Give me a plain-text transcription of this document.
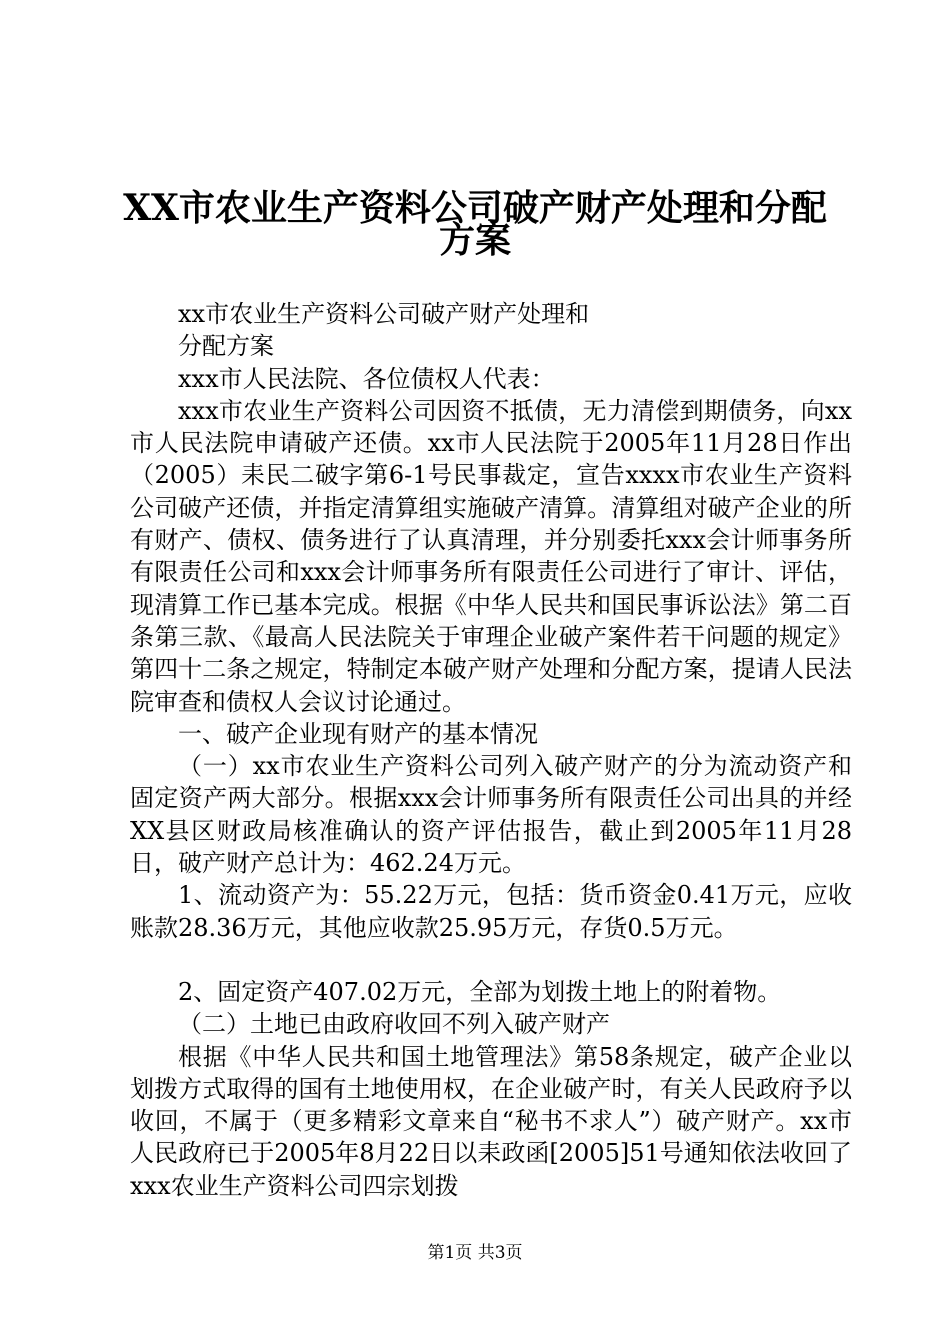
XX市农业生产资料公司破产财产处理和分配
方案

xx市农业生产资料公司破产财产处理和

分配方案

xxx市人民法院、各位债权人代表：

xxx市农业生产资料公司因资不抵债，无力清偿到期债务，向xx市人民法院申请破产还债。xx市人民法院于2005年11月28日作出（2005）耒民二破字第6-1号民事裁定，宣告xxxx市农业生产资料公司破产还债，并指定清算组实施破产清算。清算组对破产企业的所有财产、债权、债务进行了认真清理，并分别委托xxx会计师事务所有限责任公司和xxx会计师事务所有限责任公司进行了审计、评估，现清算工作已基本完成。根据《中华人民共和国民事诉讼法》第二百条第三款、《最高人民法院关于审理企业破产案件若干问题的规定》第四十二条之规定，特制定本破产财产处理和分配方案，提请人民法院审查和债权人会议讨论通过。

一、破产企业现有财产的基本情况

（一）xx市农业生产资料公司列入破产财产的分为流动资产和固定资产两大部分。根据xxx会计师事务所有限责任公司出具的并经XX县区财政局核准确认的资产评估报告，截止到2005年11月28日，破产财产总计为：462.24万元。

1、流动资产为：55.22万元，包括：货币资金0.41万元，应收账款28.36万元，其他应收款25.95万元，存货0.5万元。

2、固定资产407.02万元，全部为划拨土地上的附着物。

（二）土地已由政府收回不列入破产财产

根据《中华人民共和国土地管理法》第58条规定，破产企业以划拨方式取得的国有土地使用权，在企业破产时，有关人民政府予以收回，不属于（更多精彩文章来自“秘书不求人”）破产财产。xx市人民政府已于2005年8月22日以耒政函[2005]51号通知依法收回了xxx农业生产资料公司四宗划拨

第1页 共3页
